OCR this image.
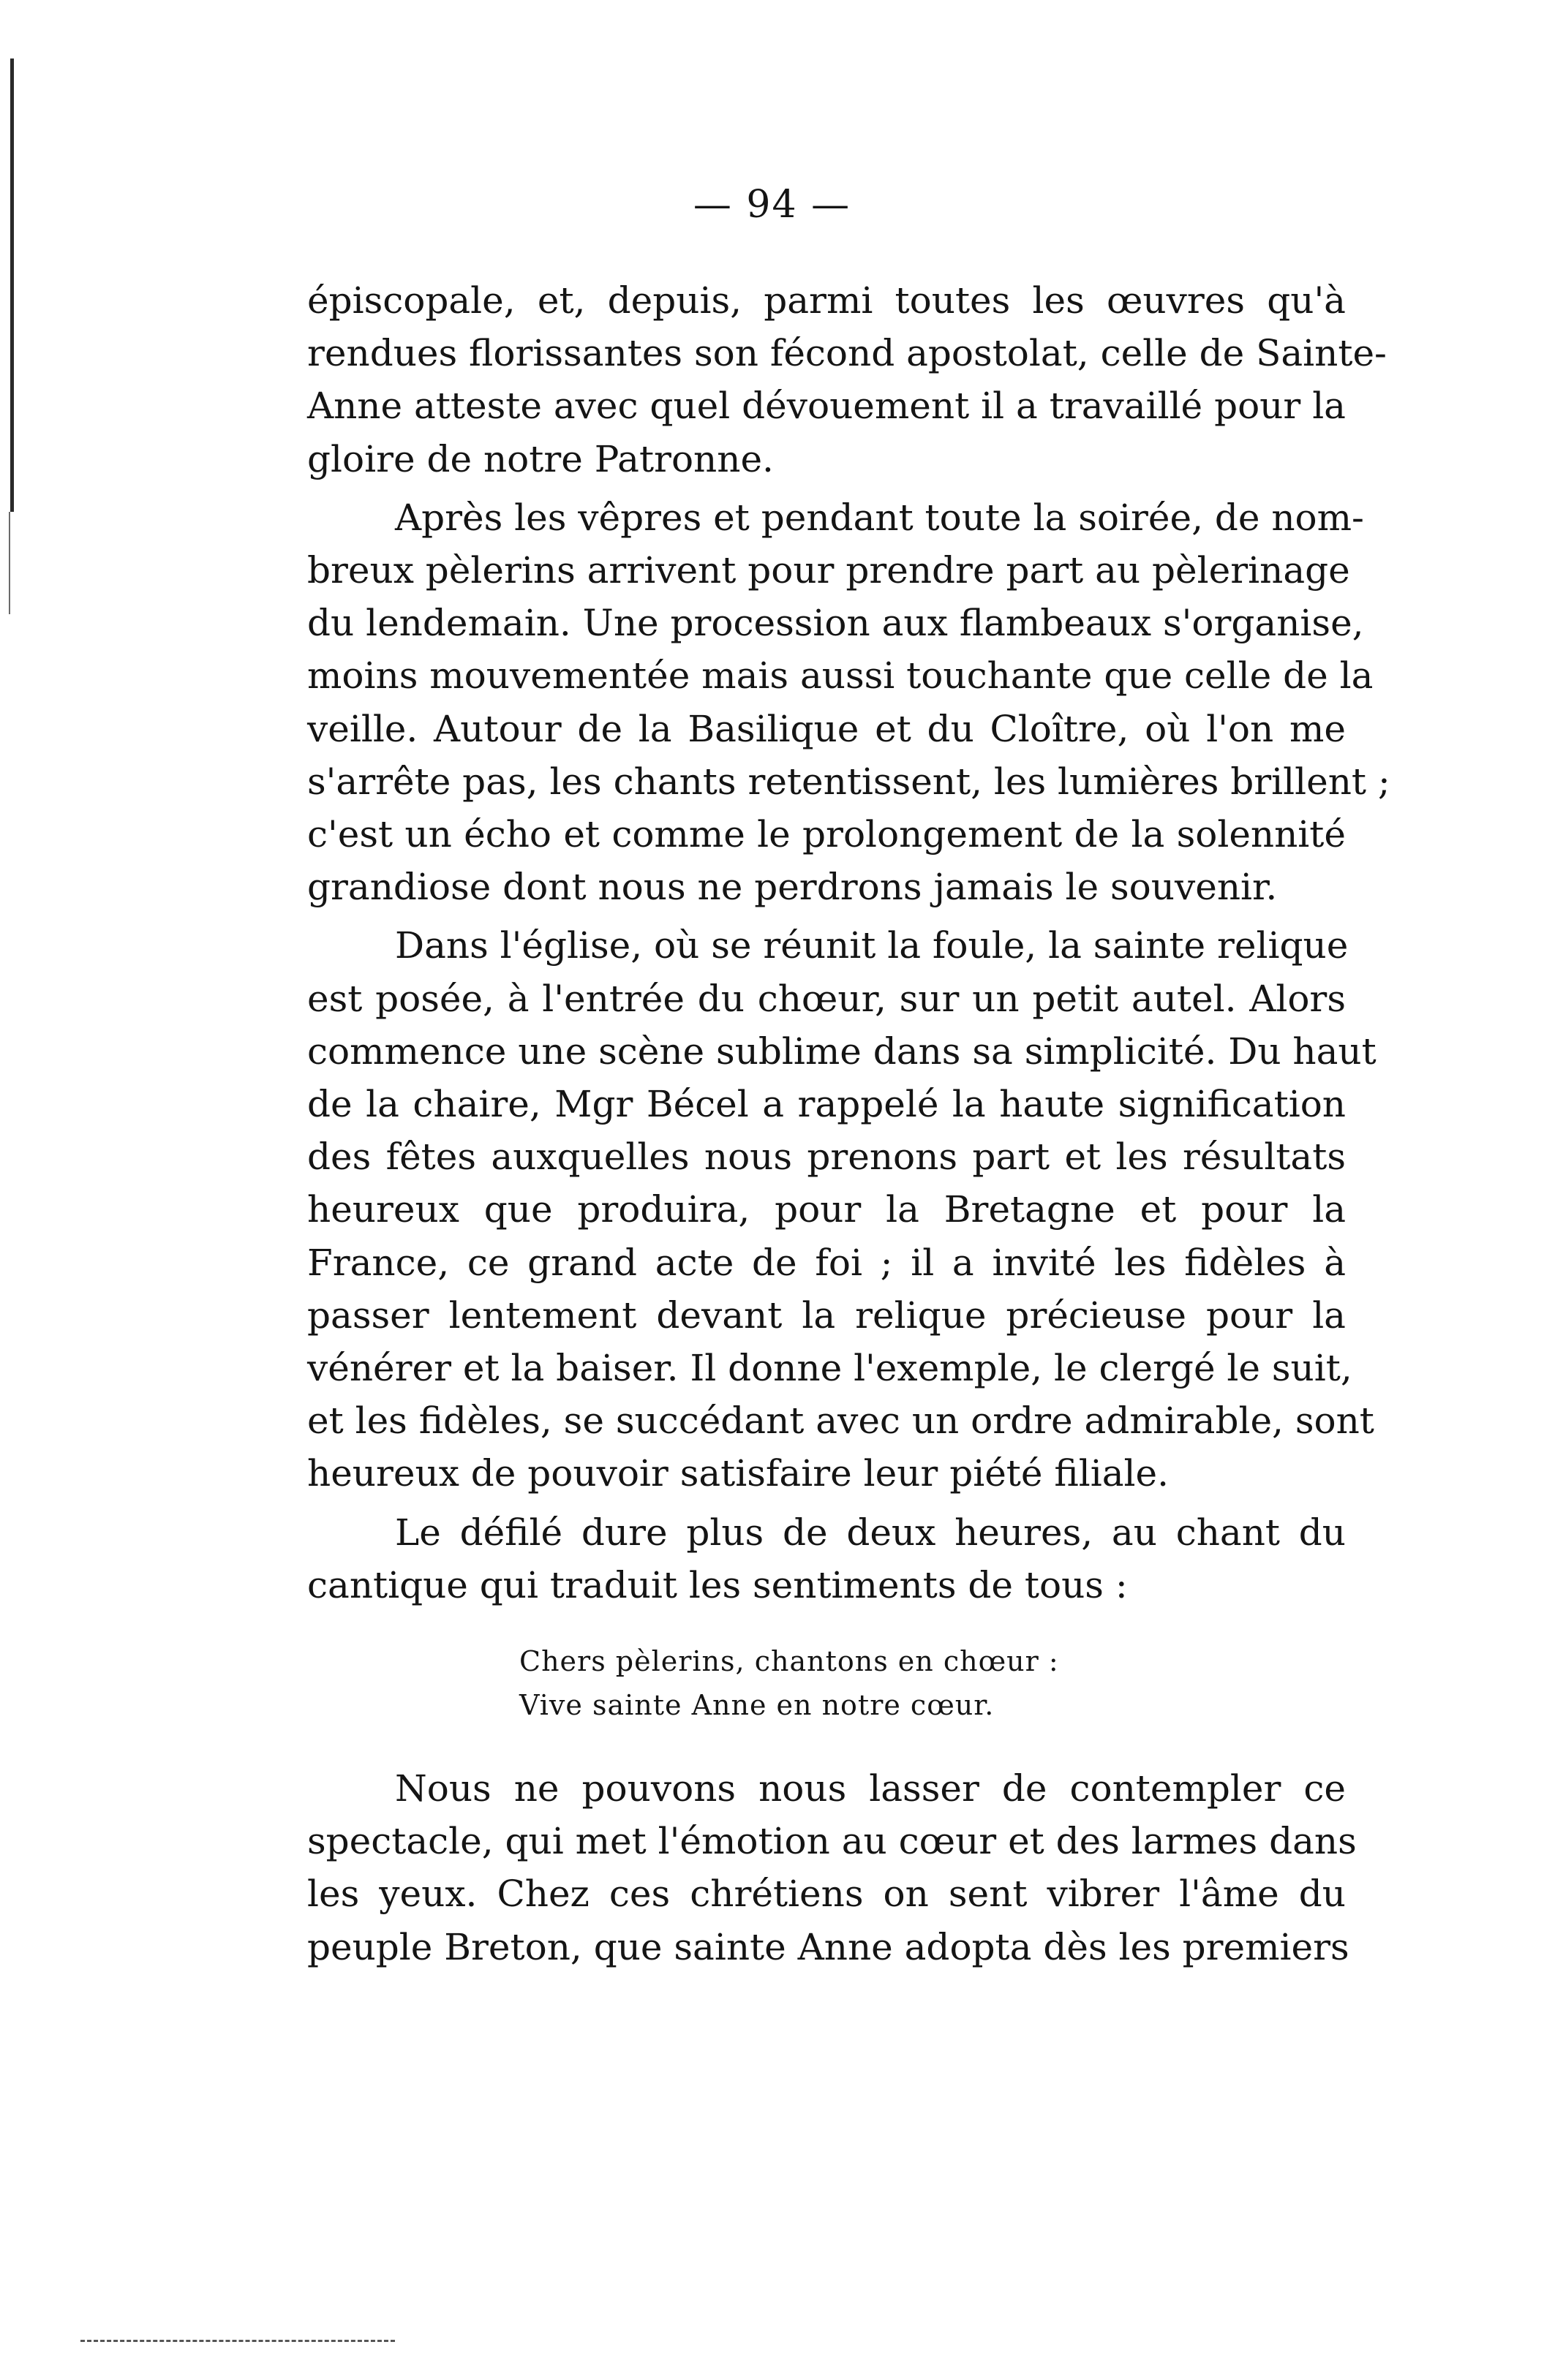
— 94 —

épiscopale, et, depuis, parmi toutes les œuvres qu'à
rendues florissantes son fécond apostolat, celle de Sainte-
Anne atteste avec quel dévouement il a travaillé pour la
gloire de notre Patronne.

Après les vêpres et pendant toute la soirée, de nom-
breux pèlerins arrivent pour prendre part au pèlerinage
du lendemain. Une procession aux flambeaux s'organise,
moins mouvementée mais aussi touchante que celle de la
veille. Autour de la Basilique et du Cloître, où l'on me
s'arrête pas, les chants retentissent, les lumières brillent ;
c'est un écho et comme le prolongement de la solennité
grandiose dont nous ne perdrons jamais le souvenir.

Dans l'église, où se réunit la foule, la sainte relique
est posée, à l'entrée du chœur, sur un petit autel. Alors
commence une scène sublime dans sa simplicité. Du haut
de la chaire, Mgr Bécel a rappelé la haute signification
des fêtes auxquelles nous prenons part et les résultats
heureux que produira, pour la Bretagne et pour la
France, ce grand acte de foi ; il a invité les fidèles à
passer lentement devant la relique précieuse pour la
vénérer et la baiser. Il donne l'exemple, le clergé le suit,
et les fidèles, se succédant avec un ordre admirable, sont
heureux de pouvoir satisfaire leur piété filiale.

Le défilé dure plus de deux heures, au chant du
cantique qui traduit les sentiments de tous :

Chers pèlerins, chantons en chœur :
Vive sainte Anne en notre cœur.

Nous ne pouvons nous lasser de contempler ce
spectacle, qui met l'émotion au cœur et des larmes dans
les yeux. Chez ces chrétiens on sent vibrer l'âme du
peuple Breton, que sainte Anne adopta dès les premiers
